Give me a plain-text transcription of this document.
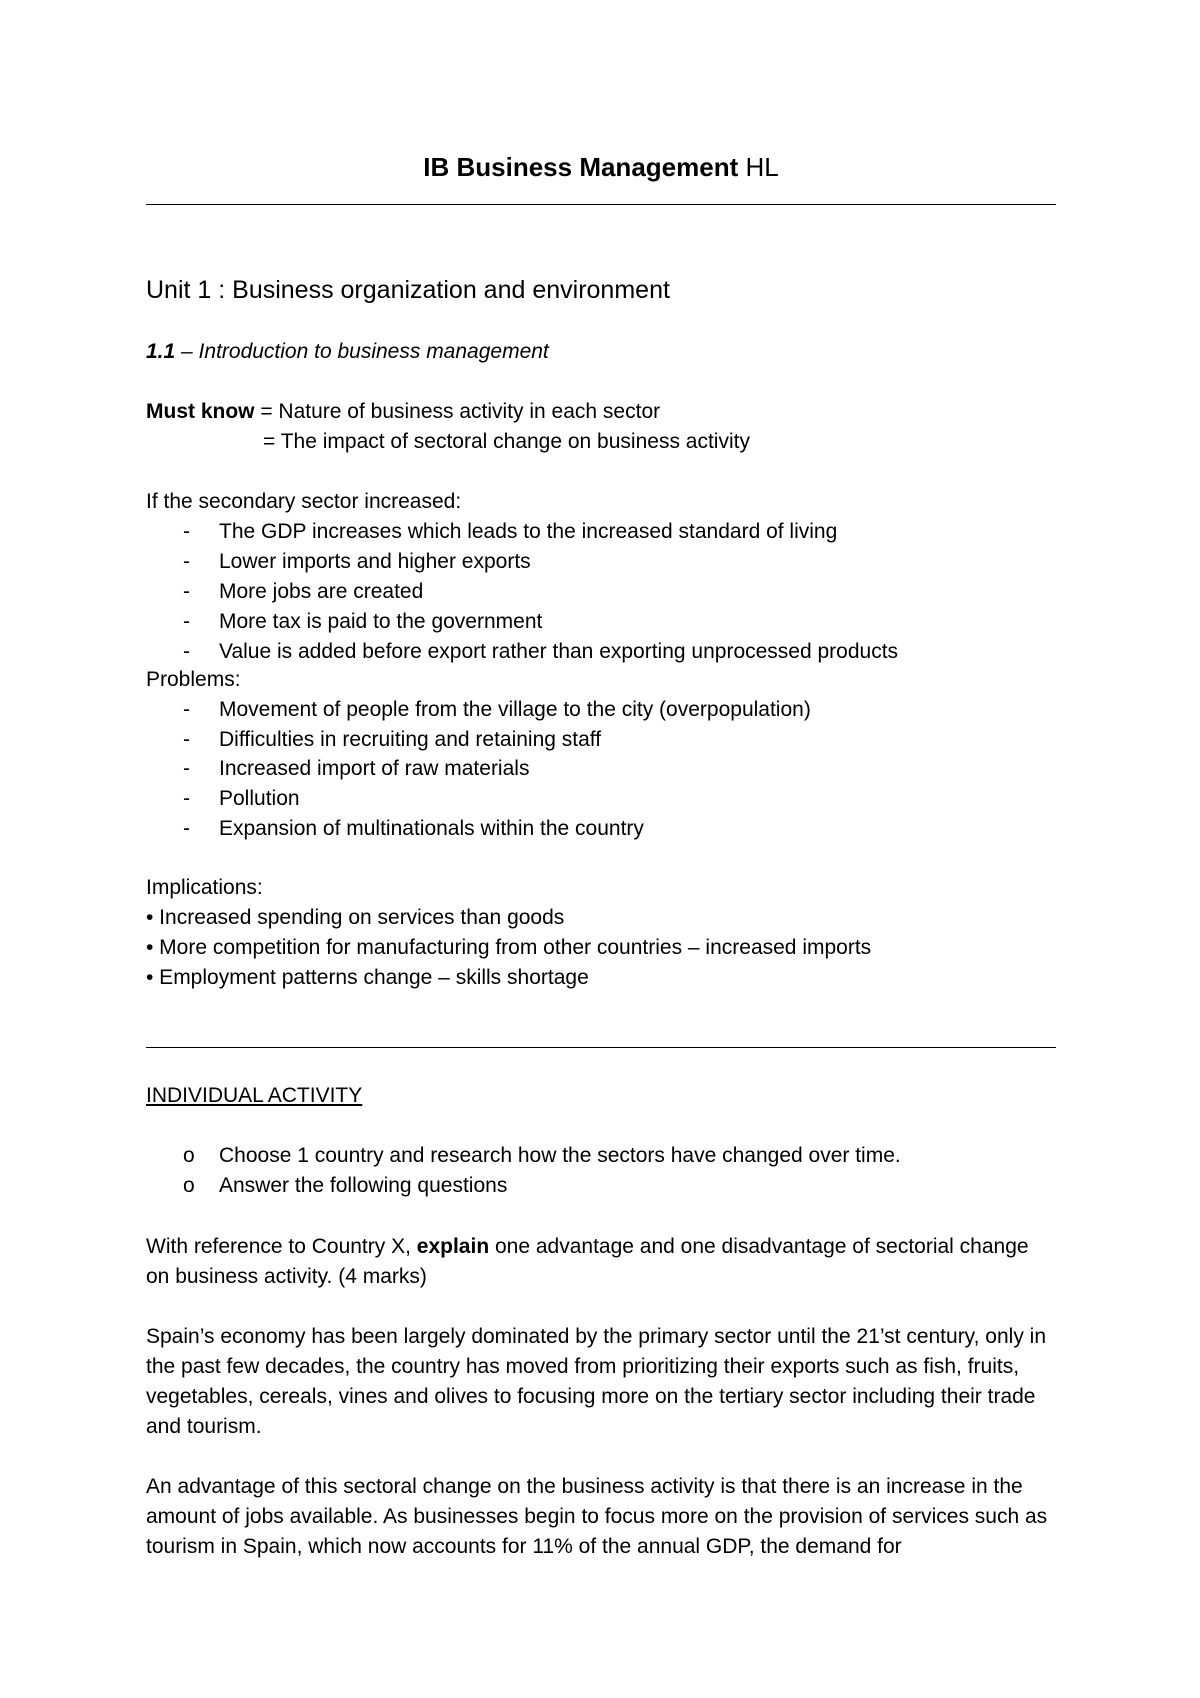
IB Business Management HL
Unit 1 : Business organization and environment
1.1 – Introduction to business management
Must know = Nature of business activity in each sector
= The impact of sectoral change on business activity
If the secondary sector increased:
- The GDP increases which leads to the increased standard of living
- Lower imports and higher exports
- More jobs are created
- More tax is paid to the government
- Value is added before export rather than exporting unprocessed products
Problems:
- Movement of people from the village to the city (overpopulation)
- Difficulties in recruiting and retaining staff
- Increased import of raw materials
- Pollution
- Expansion of multinationals within the country
Implications:
• Increased spending on services than goods
• More competition for manufacturing from other countries – increased imports
• Employment patterns change – skills shortage
INDIVIDUAL ACTIVITY
o Choose 1 country and research how the sectors have changed over time.
o Answer the following questions
With reference to Country X, explain one advantage and one disadvantage of sectorial change on business activity. (4 marks)
Spain’s economy has been largely dominated by the primary sector until the 21’st century, only in the past few decades, the country has moved from prioritizing their exports such as fish, fruits, vegetables, cereals, vines and olives to focusing more on the tertiary sector including their trade and tourism.
An advantage of this sectoral change on the business activity is that there is an increase in the amount of jobs available. As businesses begin to focus more on the provision of services such as tourism in Spain, which now accounts for 11% of the annual GDP, the demand for
